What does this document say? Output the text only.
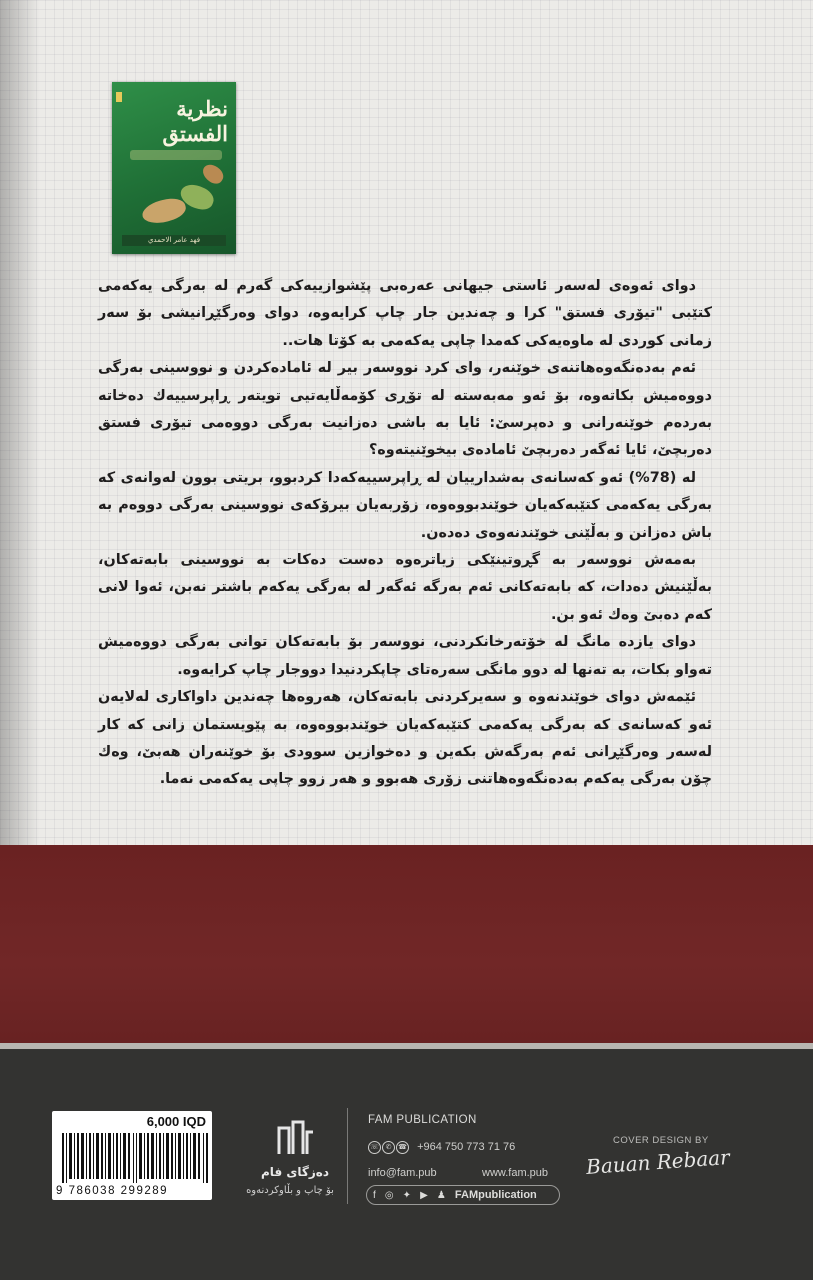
نظرية الفستق
فهد عامر الاحمدي

دوای ئەوەی لەسەر ئاستی جیهانی عەرەبی پێشوازییەکی گەرم لە بەرگی یەکەمی کتێبی "تیۆری فستق" کرا و چەندین جار چاپ کرایەوە، دوای وەرگێڕانیشی بۆ سەر زمانی کوردی لە ماوەیەکی کەمدا چاپی یەکەمی بە کۆتا هات..

ئەم بەدەنگەوەهاتنەی خوێنەر، وای کرد نووسەر بیر لە ئامادەکردن و نووسینی بەرگی دووەمیش بکاتەوە، بۆ ئەو مەبەستە لە تۆڕی کۆمەڵایەتیی تویتەر ڕاپرسییەك دەخاتە بەردەم خوێنەرانی و دەپرسێ: ئایا بە باشی دەزانیت بەرگی دووەمی تیۆری فستق دەربچێ، ئایا ئەگەر دەربچێ ئامادەی بیخوێنیتەوە؟

لە (78%) ئەو کەسانەی بەشدارییان لە ڕاپرسییەکەدا کردبوو، بریتی بوون لەوانەی کە بەرگی یەکەمی کتێبەکەیان خوێندبووەوە، زۆربەیان بیرۆکەی نووسینی بەرگی دووەم بە باش دەزانن و بەڵێنی خوێندنەوەی دەدەن.

بەمەش نووسەر بە گڕوتینێکی زیاترەوە دەست دەکات بە نووسینی بابەتەکان، بەڵێنیش دەدات، کە بابەتەکانی ئەم بەرگە ئەگەر لە بەرگی یەکەم باشتر نەبن، ئەوا لانی کەم دەبێ وەك ئەو بن.

دوای یازدە مانگ لە خۆتەرخانکردنی، نووسەر بۆ بابەتەکان توانی بەرگی دووەمیش تەواو بکات، بە تەنها لە دوو مانگی سەرەتای چاپکردنیدا دووجار چاپ کرایەوە.

ئێمەش دوای خوێندنەوە و سەیرکردنی بابەتەکان، هەروەها چەندین داواکاری لەلایەن ئەو کەسانەی کە بەرگی یەکەمی کتێبەکەیان خوێندبووەوە، بە پێویستمان زانی کە کار لەسەر وەرگێڕانی ئەم بەرگەش بکەین و دەخوازین سوودی بۆ خوێنەران هەبێ، وەك چۆن بەرگی یەکەم بەدەنگەوەهاتنی زۆری هەبوو و هەر زوو چاپی یەکەمی نەما.

6,000 IQD
9 786038 299289
دەزگای فام
بۆ چاپ و بڵاوکردنەوە
FAM PUBLICATION
☏ ✆ ☎ +964 750 773 71 76
info@fam.pub	www.fam.pub
f ◎ ✦ ▶ ♟ FAMpublication
COVER DESIGN BY
Bauan Rebaar
